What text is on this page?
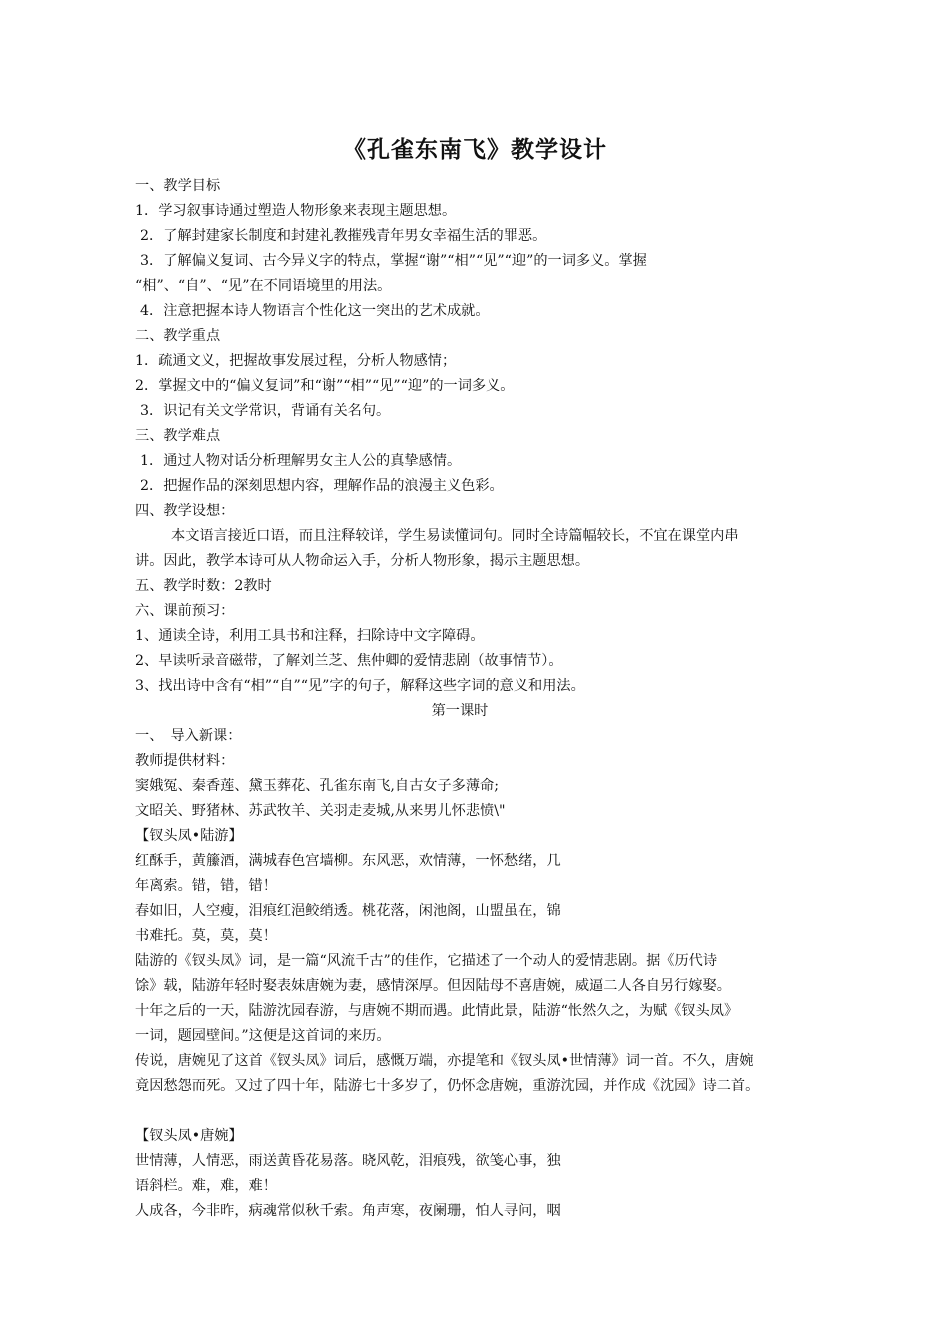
《孔雀东南飞》教学设计
一、教学目标
1．学习叙事诗通过塑造人物形象来表现主题思想。
2．了解封建家长制度和封建礼教摧残青年男女幸福生活的罪恶。
3．了解偏义复词、古今异义字的特点，掌握“谢”“相”“见”“迎”的一词多义。掌握
“相”、“自”、“见”在不同语境里的用法。
4．注意把握本诗人物语言个性化这一突出的艺术成就。
二、教学重点
1．疏通文义，把握故事发展过程，分析人物感情；
2．掌握文中的“偏义复词”和“谢”“相”“见”“迎”的一词多义。
3．识记有关文学常识，背诵有关名句。
三、教学难点
1．通过人物对话分析理解男女主人公的真挚感情。
2．把握作品的深刻思想内容，理解作品的浪漫主义色彩。
四、教学设想：
本文语言接近口语，而且注释较详，学生易读懂词句。同时全诗篇幅较长，不宜在课堂内串
讲。因此，教学本诗可从人物命运入手，分析人物形象，揭示主题思想。
五、教学时数：2教时
六、课前预习：
1、通读全诗，利用工具书和注释，扫除诗中文字障碍。
2、早读听录音磁带，了解刘兰芝、焦仲卿的爱情悲剧（故事情节）。
3、找出诗中含有“相”“自”“见”字的句子，解释这些字词的意义和用法。
第一课时
一、　导入新课：
教师提供材料：
窦娥冤、秦香莲、黛玉葬花、孔雀东南飞,自古女子多薄命;
文昭关、野猪林、苏武牧羊、关羽走麦城,从来男儿怀悲愤\"
【钗头凤•陆游】
红酥手，黄籘酒，满城春色宫墙柳。东风恶，欢情薄，一怀愁绪，几
年离索。错，错，错！
春如旧，人空瘦，泪痕红浥鲛绡透。桃花落，闲池阁，山盟虽在，锦
书难托。莫，莫，莫！
陆游的《钗头凤》词，是一篇“风流千古”的佳作，它描述了一个动人的爱情悲剧。据《历代诗
馀》载，陆游年轻时娶表妹唐婉为妻，感情深厚。但因陆母不喜唐婉，威逼二人各自另行嫁娶。
十年之后的一天，陆游沈园春游，与唐婉不期而遇。此情此景，陆游“怅然久之，为赋《钗头凤》
一词，题园壁间。”这便是这首词的来历。
传说，唐婉见了这首《钗头凤》词后，感慨万端，亦提笔和《钗头凤•世情薄》词一首。不久，唐婉
竟因愁怨而死。又过了四十年，陆游七十多岁了，仍怀念唐婉，重游沈园，并作成《沈园》诗二首。
【钗头凤•唐婉】
世情薄，人情恶，雨送黄昏花易落。晓风乾，泪痕残，欲笺心事，独
语斜栏。难，难，难！
人成各，今非昨，病魂常似秋千索。角声寒，夜阑珊，怕人寻问，咽
